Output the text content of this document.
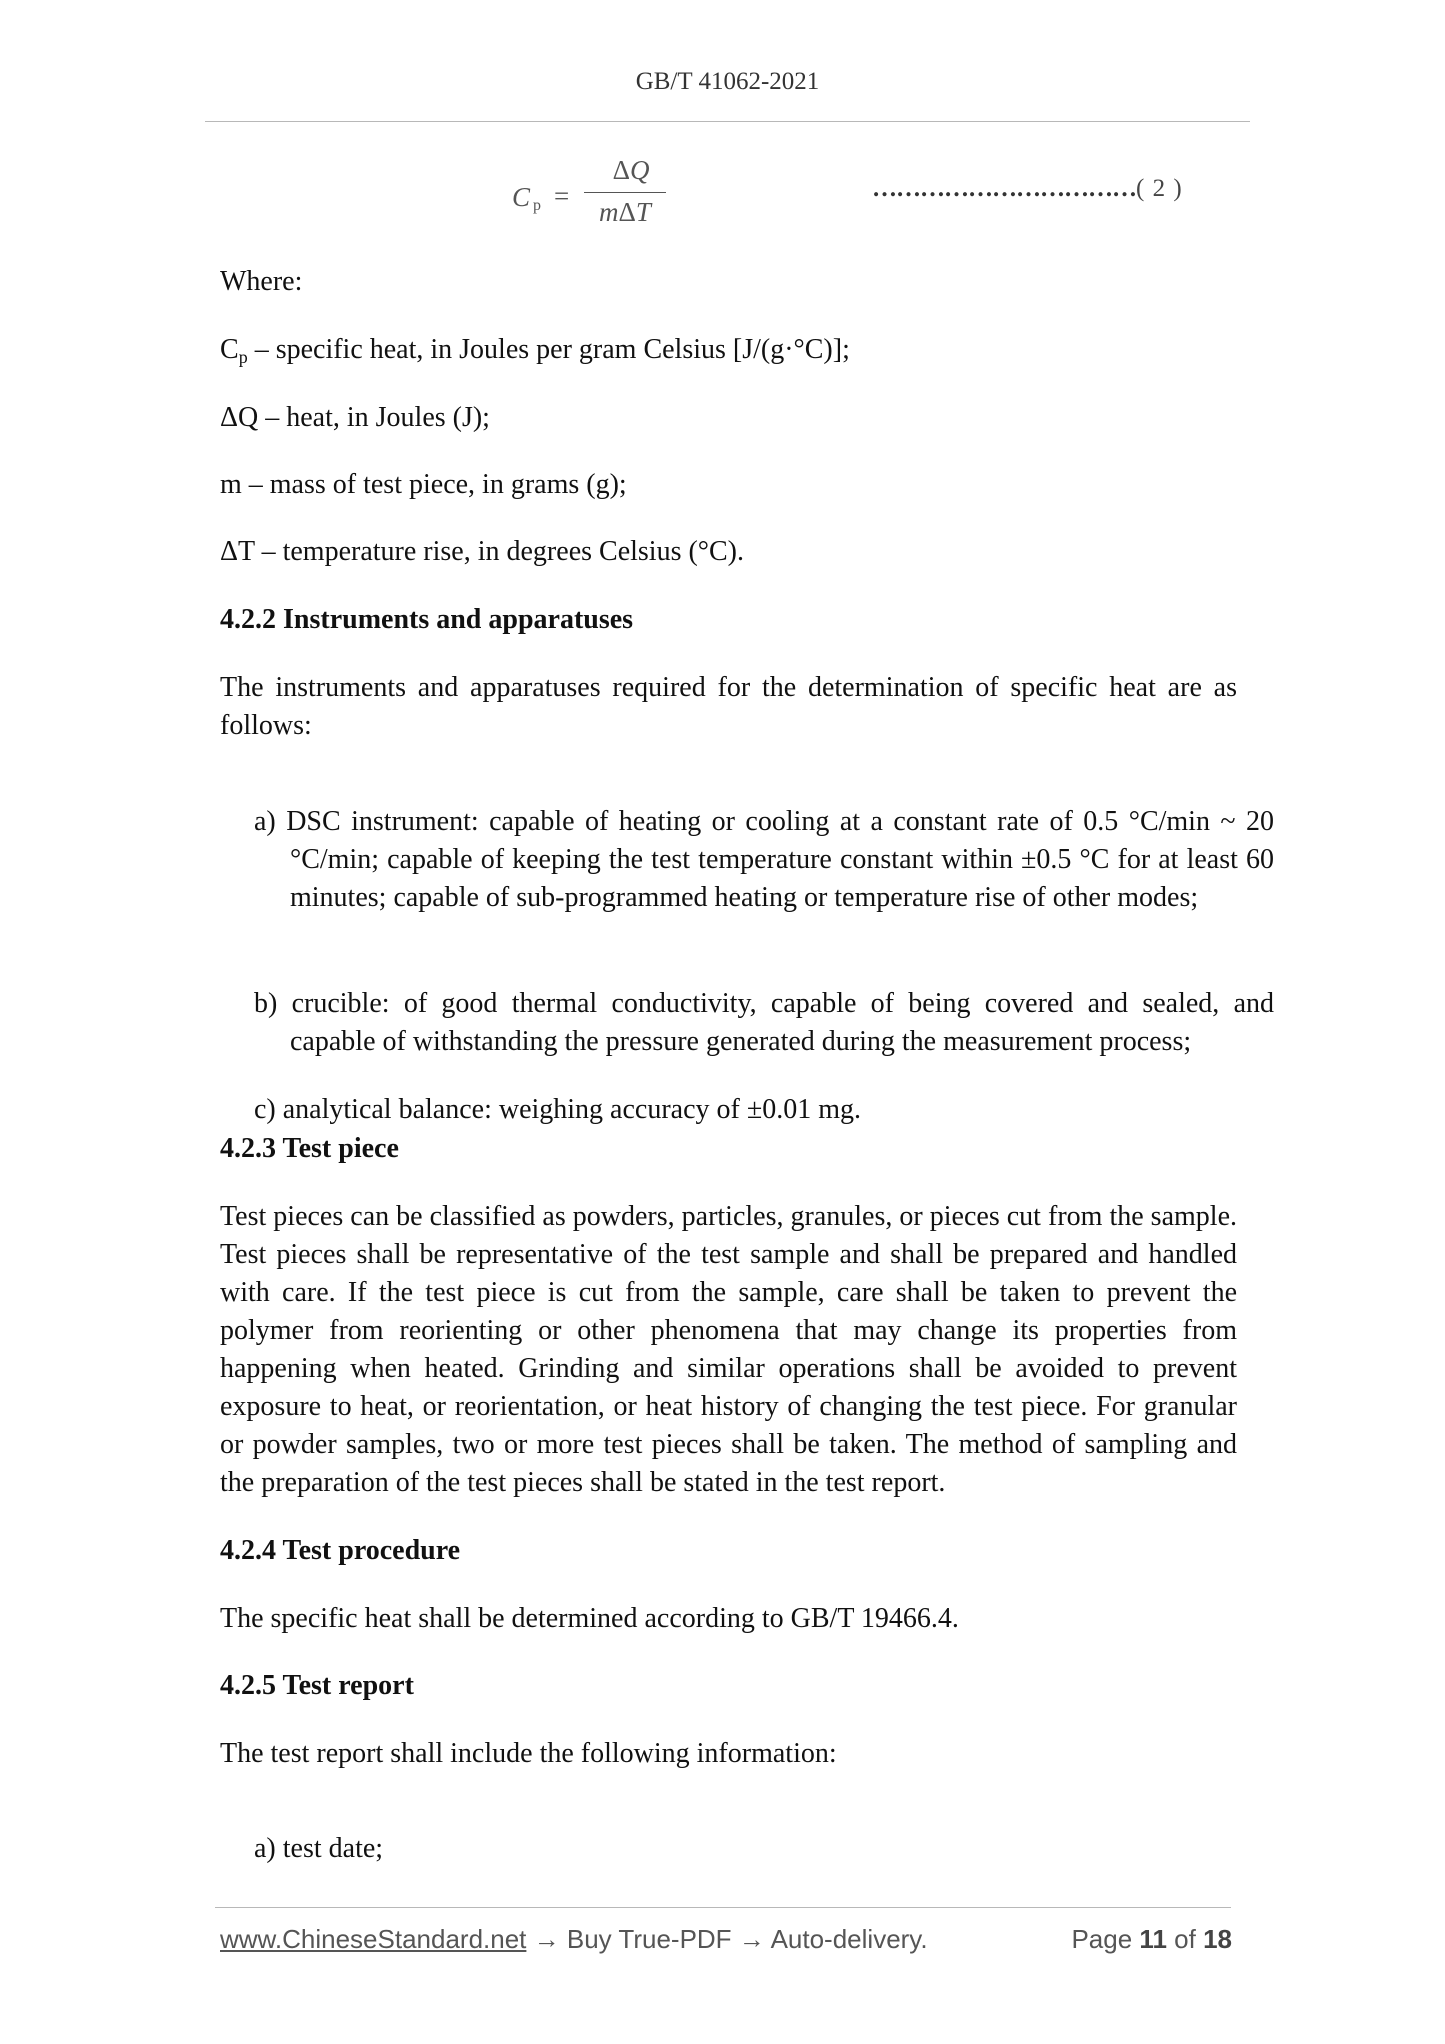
GB/T 41062-2021
C $_p$ =
ΔQ
mΔT
……………………………( 2 )

Where:

Cp – specific heat, in Joules per gram Celsius [J/(g·°C)];

ΔQ – heat, in Joules (J);

m – mass of test piece, in grams (g);

ΔT – temperature rise, in degrees Celsius (°C).

4.2.2 Instruments and apparatuses

The instruments and apparatuses required for the determination of specific heat are as follows:

a) DSC instrument: capable of heating or cooling at a constant rate of 0.5 °C/min ~ 20 °C/min; capable of keeping the test temperature constant within ±0.5 °C for at least 60 minutes; capable of sub-programmed heating or temperature rise of other modes;

b) crucible: of good thermal conductivity, capable of being covered and sealed, and capable of withstanding the pressure generated during the measurement process;

c) analytical balance: weighing accuracy of ±0.01 mg.

4.2.3 Test piece

Test pieces can be classified as powders, particles, granules, or pieces cut from the sample. Test pieces shall be representative of the test sample and shall be prepared and handled with care. If the test piece is cut from the sample, care shall be taken to prevent the polymer from reorienting or other phenomena that may change its properties from happening when heated. Grinding and similar operations shall be avoided to prevent exposure to heat, or reorientation, or heat history of changing the test piece. For granular or powder samples, two or more test pieces shall be taken. The method of sampling and the preparation of the test pieces shall be stated in the test report.

4.2.4 Test procedure

The specific heat shall be determined according to GB/T 19466.4.

4.2.5 Test report

The test report shall include the following information:

a) test date;

www.ChineseStandard.net → Buy True-PDF → Auto-delivery.	Page 11 of 18
